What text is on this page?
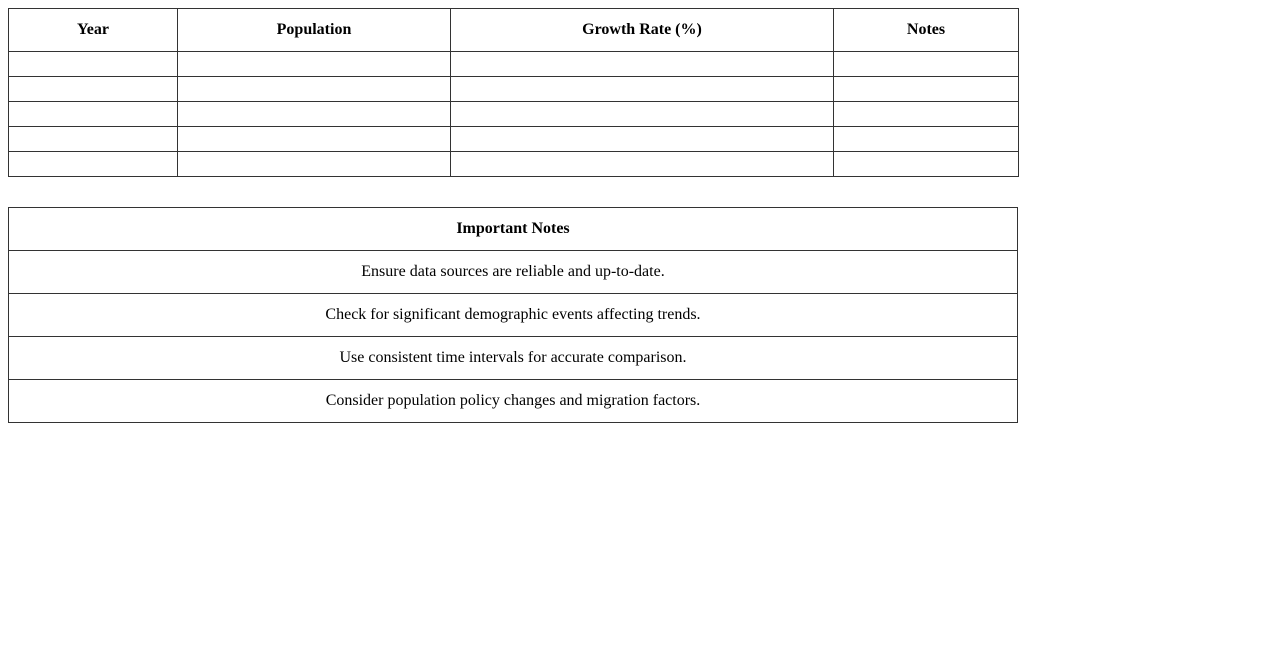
Year	Population	Growth Rate (%)	Notes

Important Notes
Ensure data sources are reliable and up-to-date.
Check for significant demographic events affecting trends.
Use consistent time intervals for accurate comparison.
Consider population policy changes and migration factors.
